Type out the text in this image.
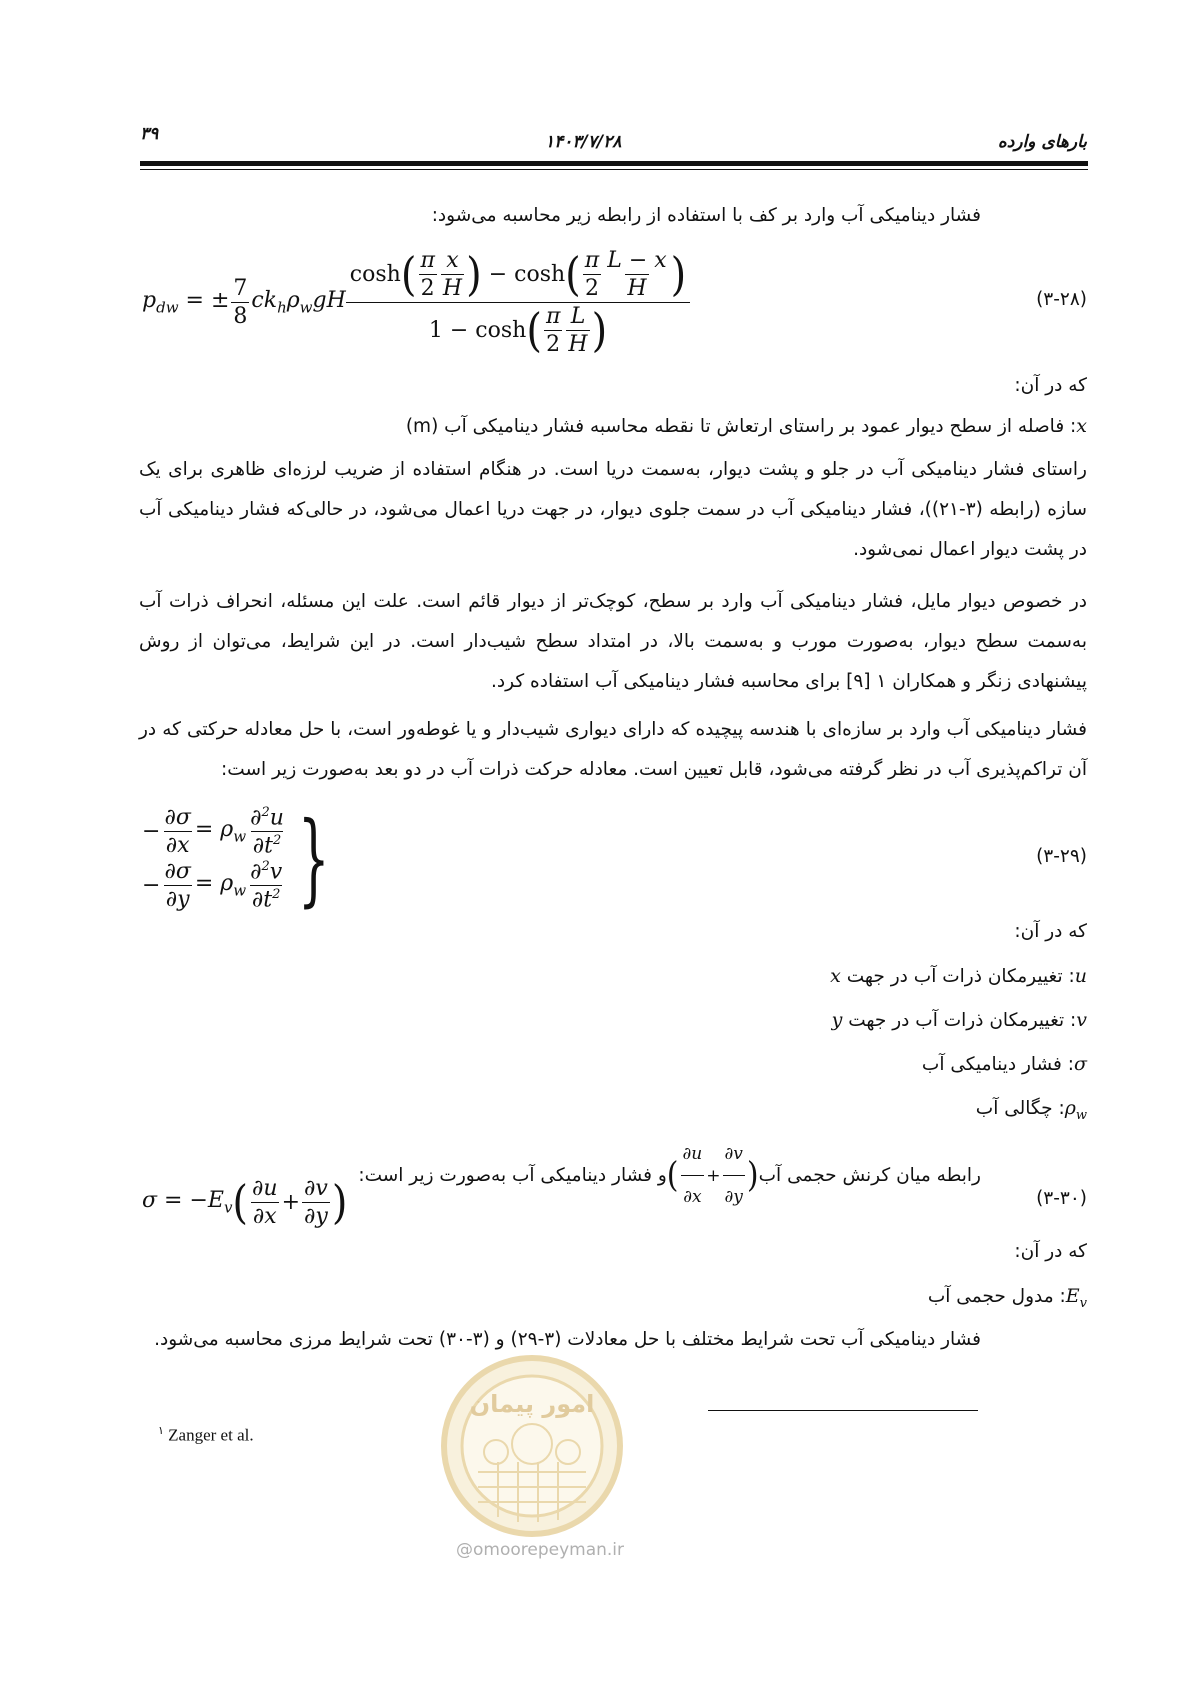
بارهای وارده
۱۴۰۳/۷/۲۸
۳۹
فشار دینامیکی آب وارد بر کف با استفاده از رابطه زیر محاسبه می‌شود:
$p_{dw}$ = ± $\frac{7}{8} ck_h\rho_wgH \frac{\cosh ( \frac{\pi}{2} \frac{x}{H} ) - \cosh ( \frac{\pi}{2} \frac{L - x}{H} )}{1 - \cosh ( \frac{\pi}{2} \frac{L}{H} )}$	(۳-۲۸)
که در آن:
x: فاصله از سطح دیوار عمود بر راستای ارتعاش تا نقطه محاسبه فشار دینامیکی آب (m)
راستای فشار دینامیکی آب در جلو و پشت دیوار، به‌سمت دریا است. در هنگام استفاده از ضریب لرزه‌ای ظاهری برای یک سازه (رابطه (۳-۲۱))، فشار دینامیکی آب در سمت جلوی دیوار، در جهت دریا اعمال می‌شود، در حالی‌که فشار دینامیکی آب در پشت دیوار اعمال نمی‌شود.
در خصوص دیوار مایل، فشار دینامیکی آب وارد بر سطح، کوچک‌تر از دیوار قائم است. علت این مسئله، انحراف ذرات آب به‌سمت سطح دیوار، به‌صورت مورب و به‌سمت بالا، در امتداد سطح شیب‌دار است. در این شرایط، می‌توان از روش پیشنهادی زنگر و همکاران ۱ [۹] برای محاسبه فشار دینامیکی آب استفاده کرد.
فشار دینامیکی آب وارد بر سازه‌ای با هندسه پیچیده که دارای دیواری شیب‌دار و یا غوطه‌ور است، با حل معادله حرکتی که در آن تراکم‌پذیری آب در نظر گرفته می‌شود، قابل تعیین است. معادله حرکت ذرات آب در دو بعد به‌صورت زیر است:
− $\frac{\partial\sigma}{\partial x} = \rho_w \frac{\partial^2u}{\partial t^2}$
− $\frac{\partial\sigma}{\partial y} = \rho_w \frac{\partial^2v}{\partial t^2}$ }	(۳-۲۹)
که در آن:
u: تغییرمکان ذرات آب در جهت x
v: تغییرمکان ذرات آب در جهت y
σ: فشار دینامیکی آب
$\rho_w$: چگالی آب
رابطه میان کرنش حجمی آب
( $\frac{\partial u}{\partial x} + \frac{\partial v}{\partial y}$ )
و فشار دینامیکی آب به‌صورت زیر است:
$\sigma = -E_v$ ( $\frac{\partial u}{\partial x} + \frac{\partial v}{\partial y}$ )	(۳-۳۰)
که در آن:
$E_v$: مدول حجمی آب
فشار دینامیکی آب تحت شرایط مختلف با حل معادلات (۳-۲۹) و (۳-۳۰) تحت شرایط مرزی محاسبه می‌شود.
امور پیمان
@omoorepeyman.ir
$^۱$ Zanger et al.
